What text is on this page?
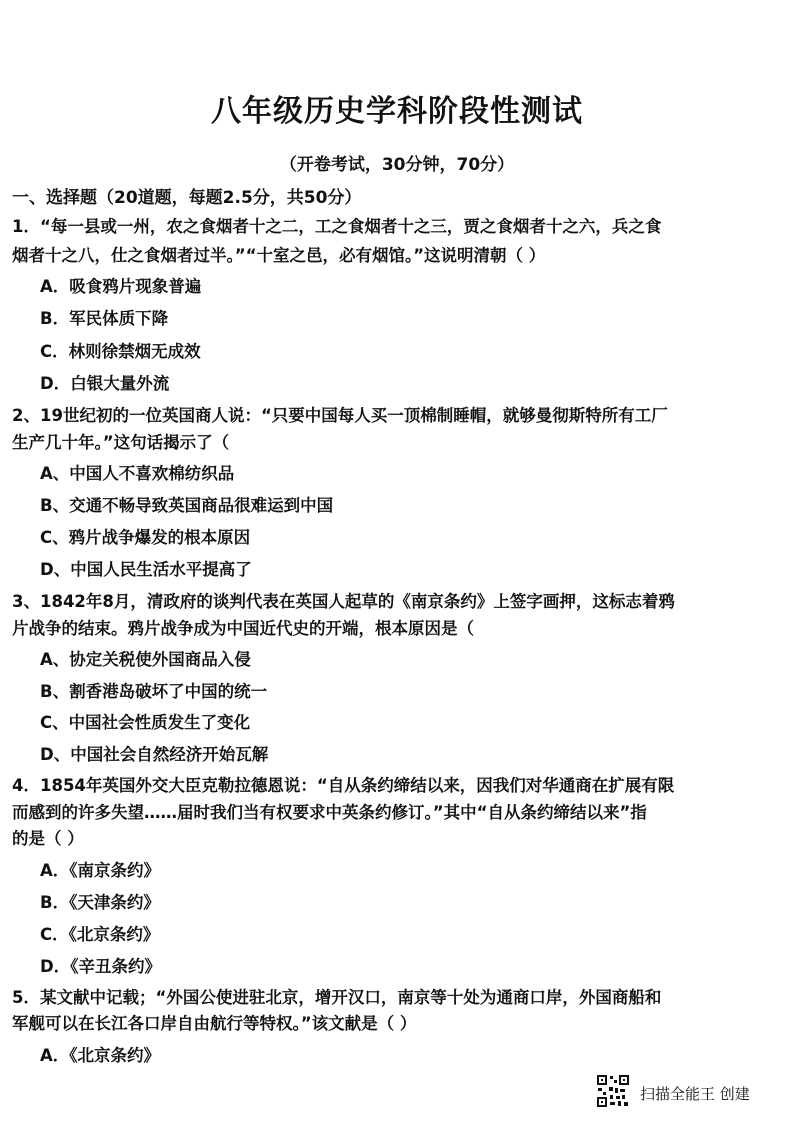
八年级历史学科阶段性测试
（开卷考试，30分钟，70分）
一、选择题（20道题，每题2.5分，共50分）
1．“每一县或一州，农之食烟者十之二，工之食烟者十之三，贾之食烟者十之六，兵之食
烟者十之八，仕之食烟者过半。”“十室之邑，必有烟馆。”这说明清朝（ ）
A．吸食鸦片现象普遍
B．军民体质下降
C．林则徐禁烟无成效
D．白银大量外流
2、19世纪初的一位英国商人说：“只要中国每人买一顶棉制睡帽，就够曼彻斯特所有工厂
生产几十年。”这句话揭示了（
A、中国人不喜欢棉纺织品
B、交通不畅导致英国商品很难运到中国
C、鸦片战争爆发的根本原因
D、中国人民生活水平提高了
3、1842年8月，清政府的谈判代表在英国人起草的《南京条约》上签字画押，这标志着鸦
片战争的结束。鸦片战争成为中国近代史的开端，根本原因是（
A、协定关税使外国商品入侵
B、割香港岛破坏了中国的统一
C、中国社会性质发生了变化
D、中国社会自然经济开始瓦解
4．1854年英国外交大臣克勒拉德恩说：“自从条约缔结以来，因我们对华通商在扩展有限
而感到的许多失望……届时我们当有权要求中英条约修订。”其中“自从条约缔结以来”指
的是（ ）
A．《南京条约》
B．《天津条约》
C．《北京条约》
D．《辛丑条约》
5．某文献中记载；“外国公使进驻北京，增开汉口，南京等十处为通商口岸，外国商船和
军舰可以在长江各口岸自由航行等特权。”该文献是（ ）
A．《北京条约》
扫描全能王 创建
